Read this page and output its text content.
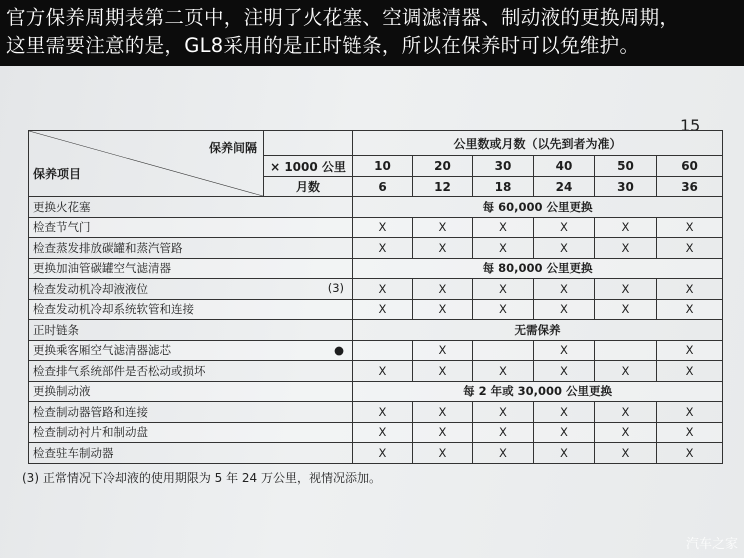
官方保养周期表第二页中，注明了火花塞、空调滤清器、制动液的更换周期，
这里需要注意的是，GL8采用的是正时链条，所以在保养时可以免维护。
15
保养间隔
保养项目		公里数或月数（以先到者为准）					
	× 1000 公里	10	20	30	40	50	60
	月数	6	12	18	24	30	36
更换火花塞		每 60,000 公里更换					
检查节气门		X	X	X	X	X	X
检查蒸发排放碳罐和蒸汽管路		X	X	X	X	X	X
更换加油管碳罐空气滤清器		每 80,000 公里更换					
检查发动机冷却液液位 (3)		X	X	X	X	X	X
检查发动机冷却系统软管和连接		X	X	X	X	X	X
正时链条		无需保养					
更换乘客厢空气滤清器滤芯 ●			X		X		X
检查排气系统部件是否松动或损坏		X	X	X	X	X	X
更换制动液		每 2 年或 30,000 公里更换					
检查制动器管路和连接		X	X	X	X	X	X
检查制动衬片和制动盘		X	X	X	X	X	X
检查驻车制动器		X	X	X	X	X	X
(3) 正常情况下冷却液的使用期限为 5 年 24 万公里，视情况添加。
汽车之家
